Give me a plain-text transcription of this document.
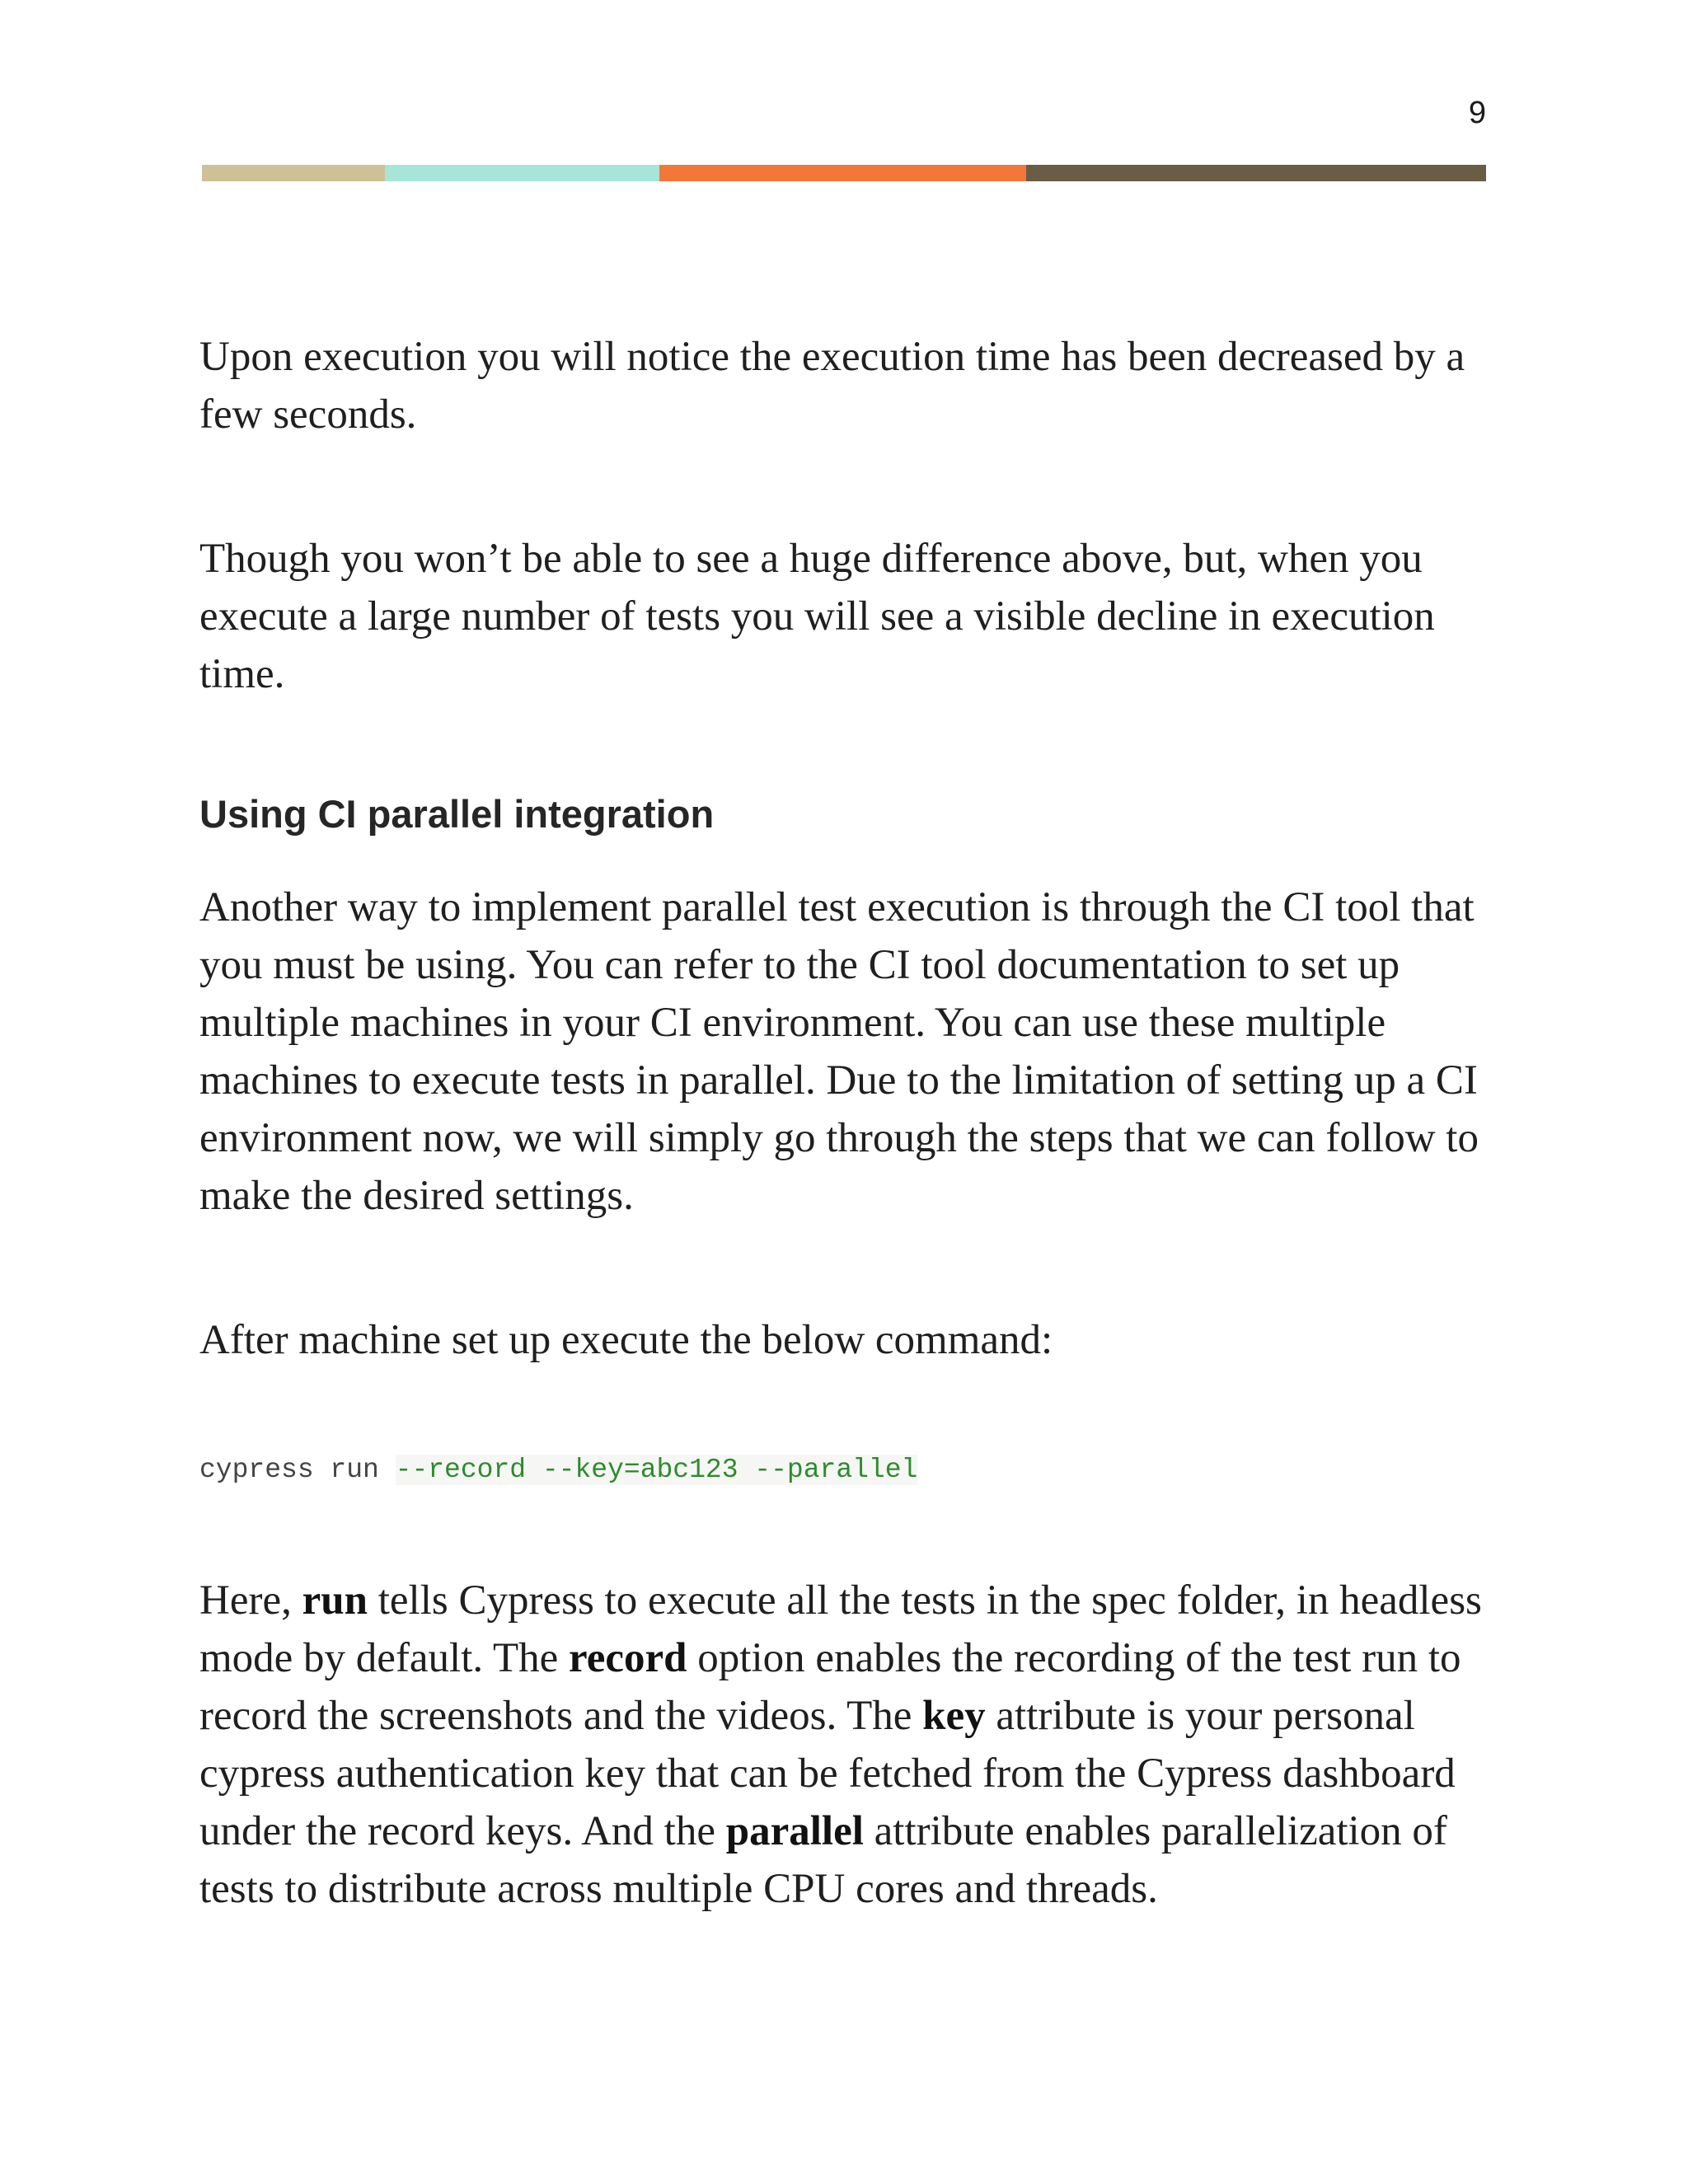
9

Upon execution you will notice the execution time has been decreased by a few seconds.

Though you won’t be able to see a huge difference above, but, when you execute a large number of tests you will see a visible decline in execution time.

Using CI parallel integration

Another way to implement parallel test execution is through the CI tool that you must be using. You can refer to the CI tool documentation to set up multiple machines in your CI environment. You can use these multiple machines to execute tests in parallel. Due to the limitation of setting up a CI environment now, we will simply go through the steps that we can follow to make the desired settings.

After machine set up execute the below command:

cypress run --record --key=abc123 --parallel

Here, run tells Cypress to execute all the tests in the spec folder, in headless mode by default. The record option enables the recording of the test run to record the screenshots and the videos. The key attribute is your personal cypress authentication key that can be fetched from the Cypress dashboard under the record keys. And the parallel attribute enables parallelization of tests to distribute across multiple CPU cores and threads.
